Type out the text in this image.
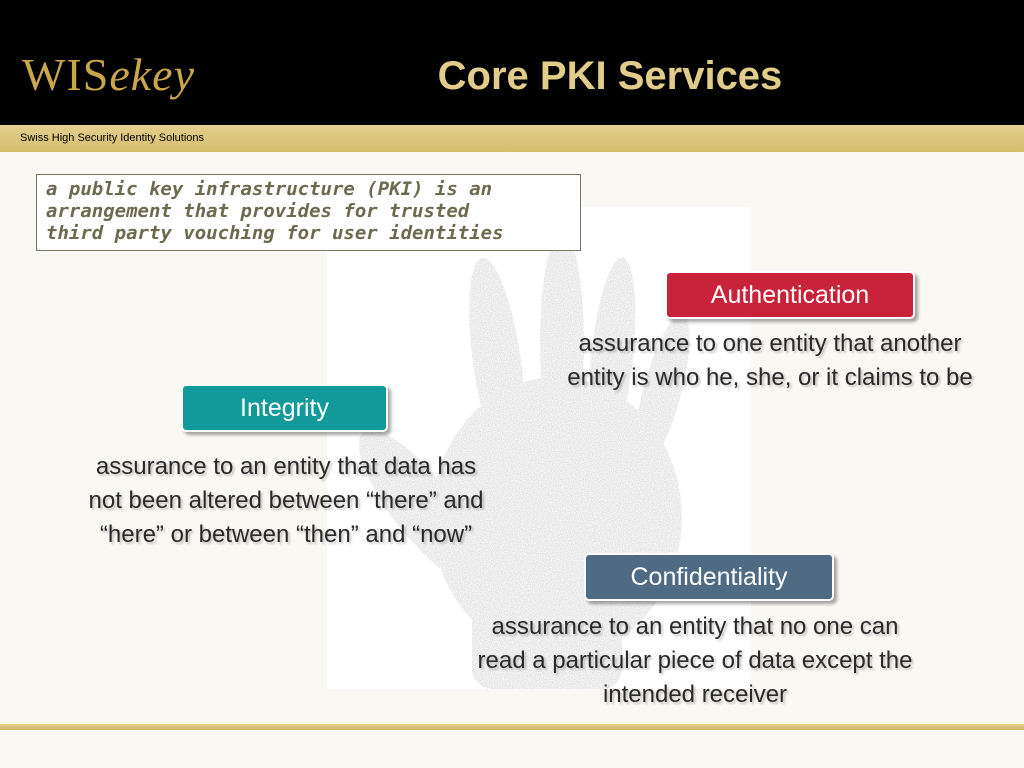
WISekey	Core PKI Services
Swiss High Security Identity Solutions
a public key infrastructure (PKI) is an
arrangement that provides for trusted
third party vouching for user identities
Authentication
assurance to one entity that another
entity is who he, she, or it claims to be
Integrity
assurance to an entity that data has
not been altered between “there” and
“here” or between “then” and “now”
Confidentiality
assurance to an entity that no one can
read a particular piece of data except the
intended receiver
